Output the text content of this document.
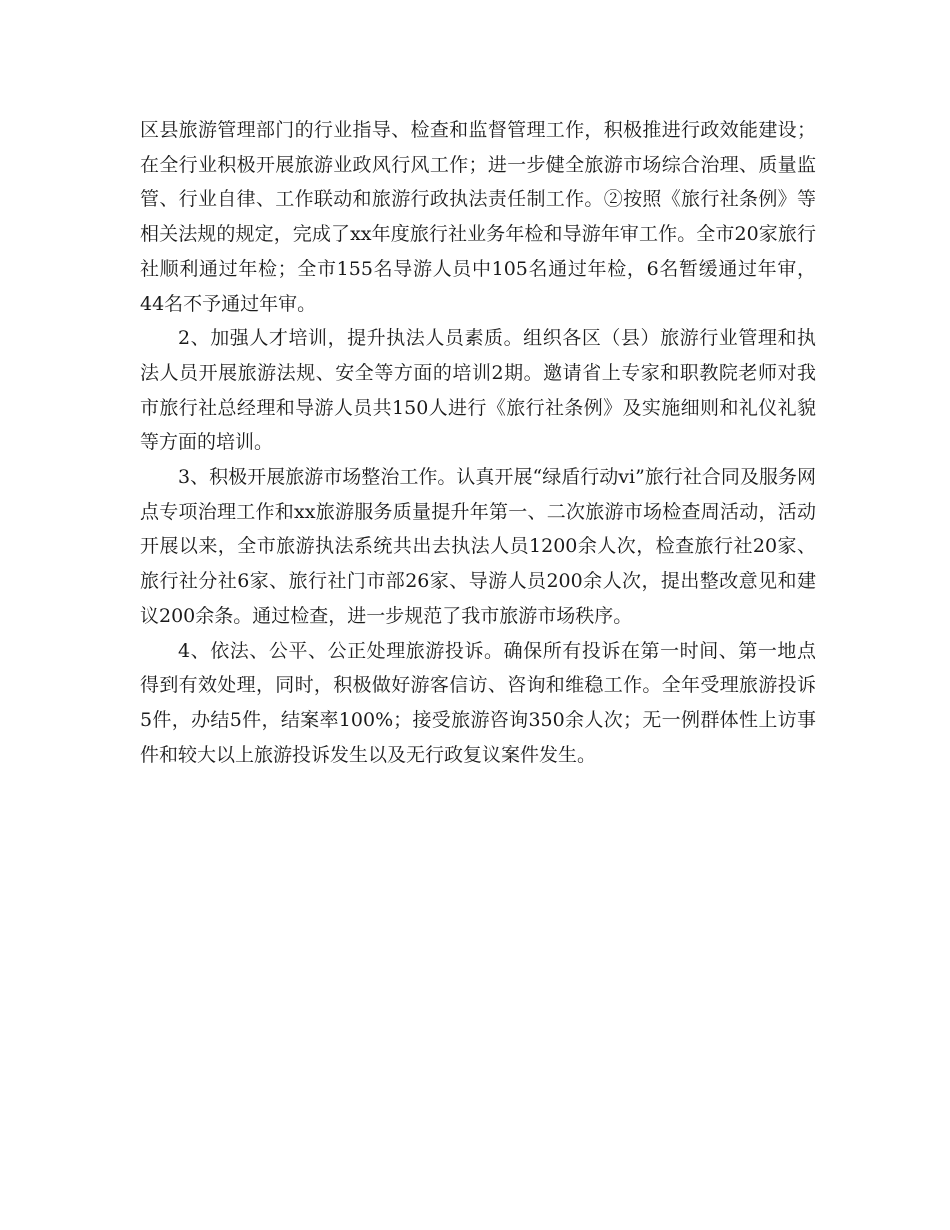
区县旅游管理部门的行业指导、检查和监督管理工作，积极推进行政效能建设；在全行业积极开展旅游业政风行风工作；进一步健全旅游市场综合治理、质量监管、行业自律、工作联动和旅游行政执法责任制工作。②按照《旅行社条例》等相关法规的规定，完成了xx年度旅行社业务年检和导游年审工作。全市20家旅行社顺利通过年检；全市155名导游人员中105名通过年检，6名暂缓通过年审，44名不予通过年审。

2、加强人才培训，提升执法人员素质。组织各区（县）旅游行业管理和执法人员开展旅游法规、安全等方面的培训2期。邀请省上专家和职教院老师对我市旅行社总经理和导游人员共150人进行《旅行社条例》及实施细则和礼仪礼貌等方面的培训。

3、积极开展旅游市场整治工作。认真开展“绿盾行动vi”旅行社合同及服务网点专项治理工作和xx旅游服务质量提升年第一、二次旅游市场检查周活动，活动开展以来，全市旅游执法系统共出去执法人员1200余人次，检查旅行社20家、旅行社分社6家、旅行社门市部26家、导游人员200余人次，提出整改意见和建议200余条。通过检查，进一步规范了我市旅游市场秩序。

4、依法、公平、公正处理旅游投诉。确保所有投诉在第一时间、第一地点得到有效处理，同时，积极做好游客信访、咨询和维稳工作。全年受理旅游投诉5件，办结5件，结案率100%；接受旅游咨询350余人次；无一例群体性上访事件和较大以上旅游投诉发生以及无行政复议案件发生。
